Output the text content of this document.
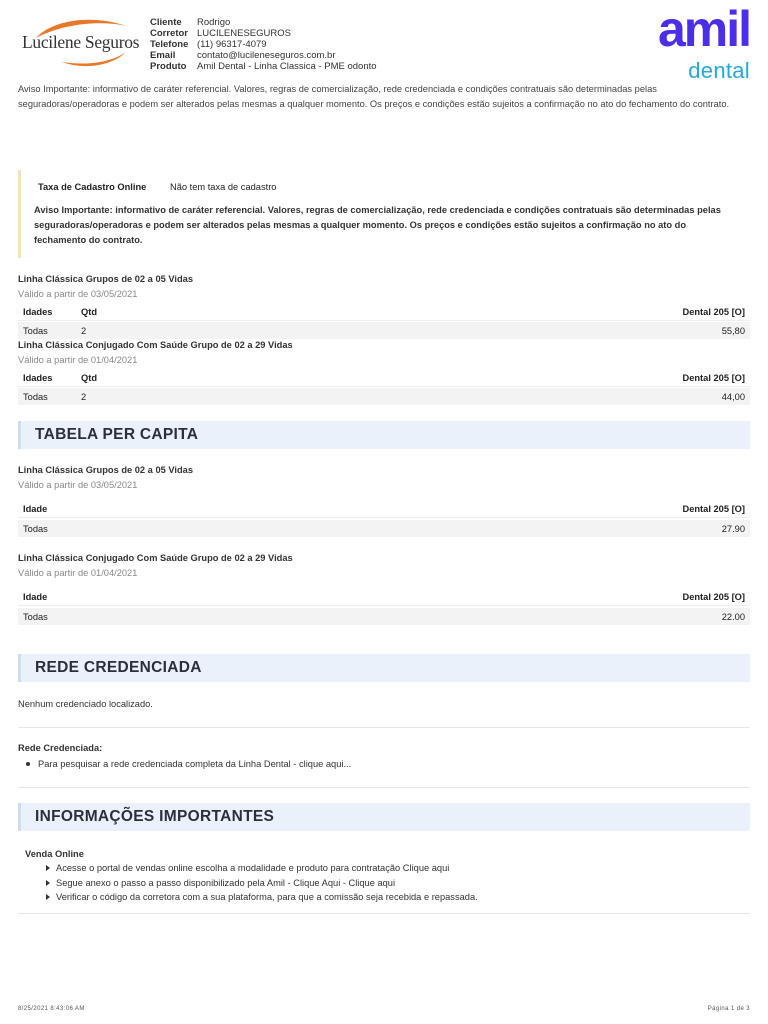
Lucilene Seguros
Cliente	Rodrigo
Corretor LUCILENESEGUROS
Telefone (11) 96317-4079
Email	contato@lucileneseguros.com.br
Produto	Amil Dental - Linha Classica - PME odonto
amil
dental
Aviso Importante: informativo de caráter referencial. Valores, regras de comercialização, rede credenciada e condições contratuais são determinadas pelas seguradoras/operadoras e podem ser alterados pelas mesmas a qualquer momento. Os preços e condições estão sujeitos a confirmação no ato do fechamento do contrato.
Taxa de Cadastro Online	Não tem taxa de cadastro
Aviso Importante: informativo de caráter referencial. Valores, regras de comercialização, rede credenciada e condições contratuais são determinadas pelas seguradoras/operadoras e podem ser alterados pelas mesmas a qualquer momento. Os preços e condições estão sujeitos a confirmação no ato do fechamento do contrato.
Linha Clássica Grupos de 02 a 05 Vidas
Válido a partir de 03/05/2021
Idades	Qtd	Dental 205 [O]
Todas	2	55,80
Linha Clássica Conjugado Com Saúde Grupo de 02 a 29 Vidas
Válido a partir de 01/04/2021
Idades	Qtd	Dental 205 [O]
Todas	2	44,00
TABELA PER CAPITA
Linha Clássica Grupos de 02 a 05 Vidas
Válido a partir de 03/05/2021
Idade	Dental 205 [O]
Todas	27.90
Linha Clássica Conjugado Com Saúde Grupo de 02 a 29 Vidas
Válido a partir de 01/04/2021
Idade	Dental 205 [O]
Todas	22.00
REDE CREDENCIADA
Nenhum credenciado localizado.
Rede Credenciada:
Para pesquisar a rede credenciada completa da Linha Dental - clique aqui...
INFORMAÇÕES IMPORTANTES
Venda Online
Acesse o portal de vendas online escolha a modalidade e produto para contratação Clique aqui
Segue anexo o passo a passo disponibilizado pela Amil - Clique Aqui - Clique aqui
Verificar o código da corretora com a sua plataforma, para que a comissão seja recebida e repassada.
8/25/2021 8:43:06 AM	Página 1 de 3
